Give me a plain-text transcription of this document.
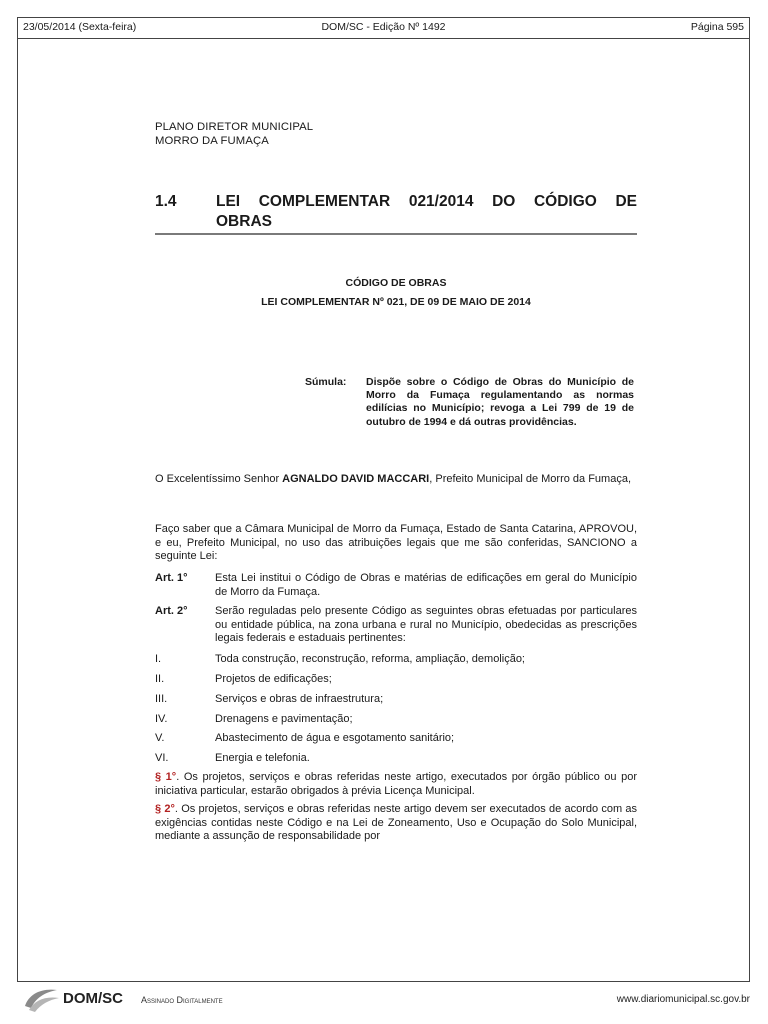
23/05/2014 (Sexta-feira)	DOM/SC - Edição Nº 1492	Página 595
PLANO DIRETOR MUNICIPAL
MORRO DA FUMAÇA
1.4	LEI COMPLEMENTAR 021/2014 DO CÓDIGO DE
OBRAS
CÓDIGO DE OBRAS
LEI COMPLEMENTAR Nº 021, DE 09 DE MAIO DE 2014
Súmula: Dispõe sobre o Código de Obras do Município de Morro da Fumaça regulamentando as normas edilícias no Município; revoga a Lei 799 de 19 de outubro de 1994 e dá outras providências.
O Excelentíssimo Senhor AGNALDO DAVID MACCARI, Prefeito Municipal de Morro da Fumaça,
Faço saber que a Câmara Municipal de Morro da Fumaça, Estado de Santa Catarina, APROVOU, e eu, Prefeito Municipal, no uso das atribuições legais que me são conferidas, SANCIONO a seguinte Lei:
Art. 1° Esta Lei institui o Código de Obras e matérias de edificações em geral do Município de Morro da Fumaça.
Art. 2° Serão reguladas pelo presente Código as seguintes obras efetuadas por particulares ou entidade pública, na zona urbana e rural no Município, obedecidas as prescrições legais federais e estaduais pertinentes:
I.	Toda construção, reconstrução, reforma, ampliação, demolição;
II.	Projetos de edificações;
III.	Serviços e obras de infraestrutura;
IV.	Drenagens e pavimentação;
V.	Abastecimento de água e esgotamento sanitário;
VI.	Energia e telefonia.
§ 1°. Os projetos, serviços e obras referidas neste artigo, executados por órgão público ou por iniciativa particular, estarão obrigados à prévia Licença Municipal.
§ 2°. Os projetos, serviços e obras referidas neste artigo devem ser executados de acordo com as exigências contidas neste Código e na Lei de Zoneamento, Uso e Ocupação do Solo Municipal, mediante a assunção de responsabilidade por
DOM/SC Assinado Digitalmente	www.diariomunicipal.sc.gov.br
